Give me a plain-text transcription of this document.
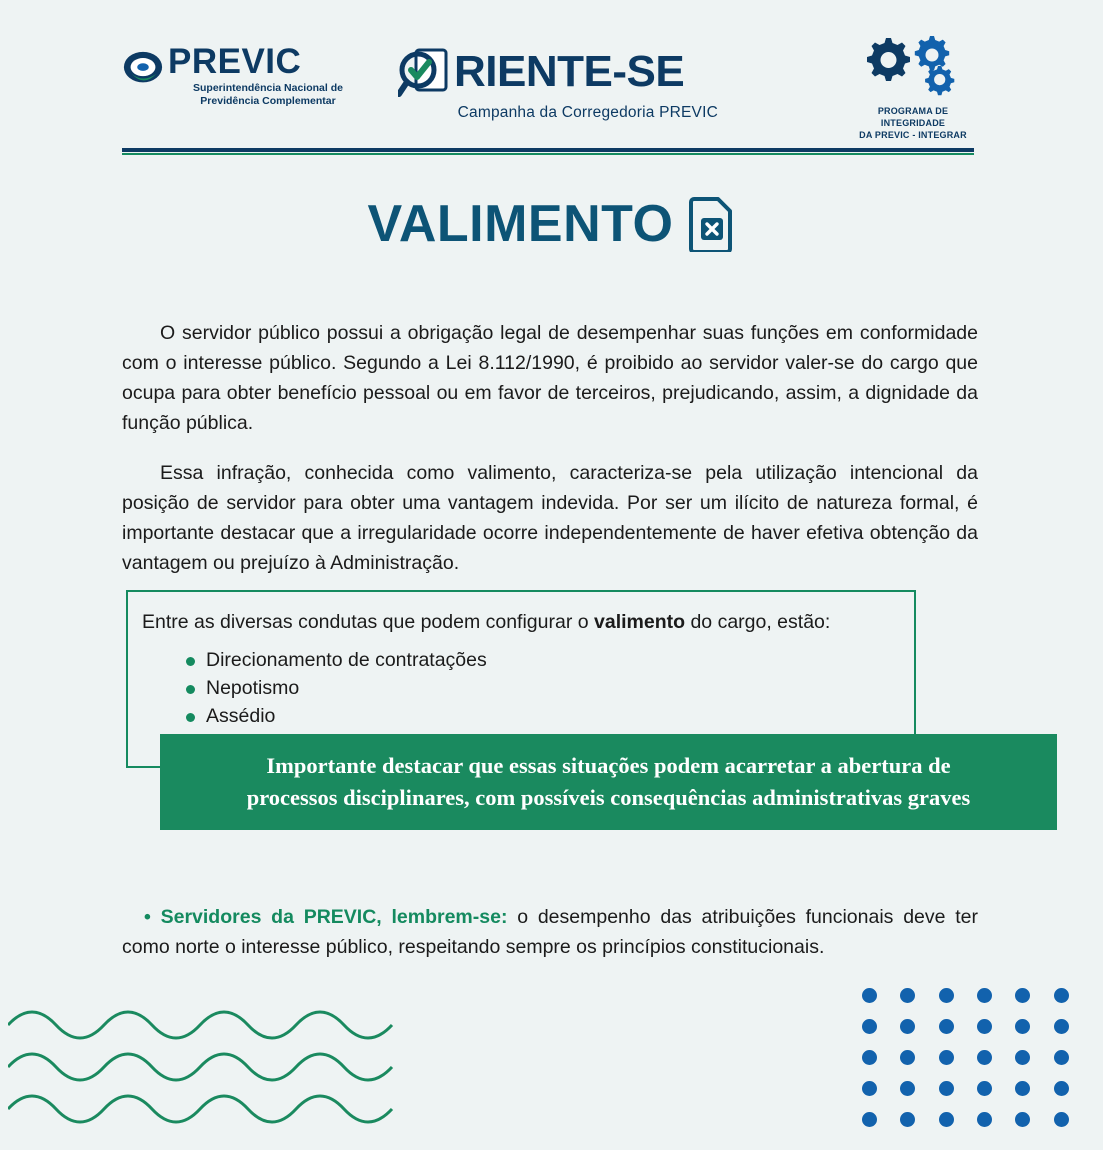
PREVIC
Superintendência Nacional de
Previdência Complementar
RIENTE-SE
Campanha da Corregedoria PREVIC	PROGRAMA DE INTEGRIDADE
DA PREVIC - INTEGRAR
VALIMENTO

O servidor público possui a obrigação legal de desempenhar suas funções em conformidade com o interesse público. Segundo a Lei 8.112/1990, é proibido ao servidor valer-se do cargo que ocupa para obter benefício pessoal ou em favor de terceiros, prejudicando, assim, a dignidade da função pública.

Essa infração, conhecida como valimento, caracteriza-se pela utilização intencional da posição de servidor para obter uma vantagem indevida. Por ser um ilícito de natureza formal, é importante destacar que a irregularidade ocorre independentemente de haver efetiva obtenção da vantagem ou prejuízo à Administração.

Entre as diversas condutas que podem configurar o valimento do cargo, estão:
Direcionamento de contratações
Nepotismo
Assédio
Importante destacar que essas situações podem acarretar a abertura de
processos disciplinares, com possíveis consequências administrativas graves

• Servidores da PREVIC, lembrem-se: o desempenho das atribuições funcionais deve ter como norte o interesse público, respeitando sempre os princípios constitucionais.
